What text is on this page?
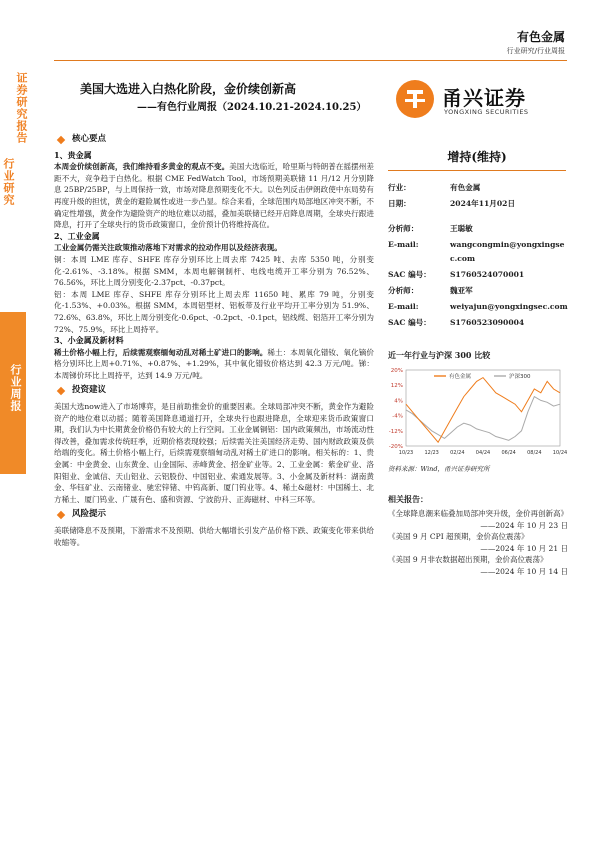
有色金属
行业研究/行业周报
证券研究报告
行业研究
行业周报
美国大选进入白热化阶段，金价续创新高
——有色行业周报（2024.10.21-2024.10.25）	甬兴证券
YONGXING SECURITIES
核心要点
1、贵金属

本周金价续创新高，我们维持看多黄金的观点不变。美国大选临近，哈里斯与特朗普在摇摆州差距不大，竞争趋于白热化。根据 CME FedWatch Tool，市场预期美联储 11 月/12 月分别降息 25BP/25BP，与上周保持一致，市场对降息预期变化不大。以色列反击伊朗政使中东局势有再度升级的担忧，黄金的避险属性或进一步凸显。综合来看，全球范围内局部地区冲突不断，不确定性增强，黄金作为避险资产的地位难以动摇，叠加美联储已经开启降息周期，全球央行跟进降息，打开了全球央行的货币政策窗口，金价预计仍将维持高位。

2、工业金属

工业金属仍需关注政策推动落地下对需求的拉动作用以及经济表现。

铜：本周 LME 库存、SHFE 库存分别环比上周去库 7425 吨、去库 5350 吨，分别变化-2.61%、-3.18%。根据 SMM，本周电解铜制杆、电线电缆开工率分别为 76.52%、76.56%，环比上周分别变化-2.37pct、-0.37pct。

铝：本周 LME 库存、SHFE 库存分别环比上周去库 11650 吨、累库 79 吨，分别变化-1.53%、+0.03%。根据 SMM，本周铝型材、铝板带及行业平均开工率分别为 51.9%、72.6%、63.8%，环比上周分别变化-0.6pct、-0.2pct、-0.1pct，铝线缆、铝箔开工率分别为 72%、75.9%，环比上周持平。

3、小金属及新材料

稀土价格小幅上行，后续需观察缅甸动乱对稀土矿进口的影响。稀土：本周氧化镨钕、氧化镝价格分别环比上周+0.71%、+0.87%、+1.29%，其中氧化镨钕价格达到 42.3 万元/吨。锑：本周锑价环比上周持平，达到 14.9 万元/吨。

投资建议

美国大选now进入了市场博弈，是目前助推金价的重要因素。全球局部冲突不断，黄金作为避险资产的地位难以动摇；随着美国降息通道打开，全球央行也跟进降息，全球迎来货币政策窗口期，我们认为中长期黄金价格仍有较大的上行空间。工业金属铜铝：国内政策频出，市场流动性得改善，叠加需求传统旺季，近期价格表现较强；后续需关注美国经济走势、国内财政政策及供给端的变化。稀土价格小幅上行，后续需观察缅甸动乱对稀土矿进口的影响。相关标的：1、贵金属：中金黄金、山东黄金、山金国际、赤峰黄金、招金矿业等。2、工业金属：紫金矿业、洛阳钼业、金诚信、天山铝业、云铝股份、中国铝业、索通发展等。3、小金属及新材料：湖南黄金、华钰矿业、云南锗业、驰宏锌锗、中钨高新、厦门钨业等。4、稀土&磁材：中国稀土、北方稀土、厦门钨业、广晟有色、盛和资源、宁波韵升、正海磁材、中科三环等。

风险提示

美联储降息不及预期，下游需求不及预期、供给大幅增长引发产品价格下跌、政策变化带来供给收缩等。

增持(维持)
行业：	有色金属
日期：	2024年11月02日
分析师：	王聪敏
E-mail:	wangcongmin@yongxingsec.com
SAC 编号：	S1760524070001
分析师：	魏亚军
E-mail:	weiyajun@yongxingsec.com
SAC 编号：	S1760523090004
近一年行业与沪深 300 比较
-20%
-12%
-4%
4%
12%
20%
10/23 12/23 02/24 04/24 06/24 08/24 10/24
有色金属	沪深300
资料来源：Wind，甬兴证券研究所
相关报告：
《全球降息潮来临叠加局部冲突升级，金价再创新高》
——2024 年 10 月 23 日
《美国 9 月 CPI 超预期，金价高位震荡》
——2024 年 10 月 21 日
《美国 9 月非农数据超出预期，金价高位震荡》
——2024 年 10 月 14 日
